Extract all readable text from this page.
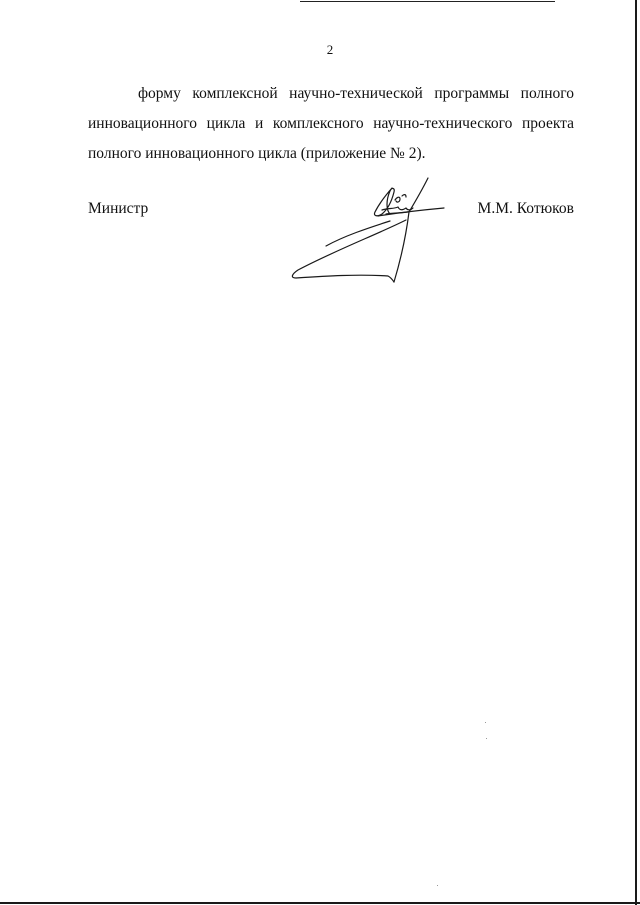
2

форму комплексной научно-технической программы полного
инновационного цикла и комплексного научно-технического проекта
полного инновационного цикла (приложение № 2).

Министр	М.М. Котюков
